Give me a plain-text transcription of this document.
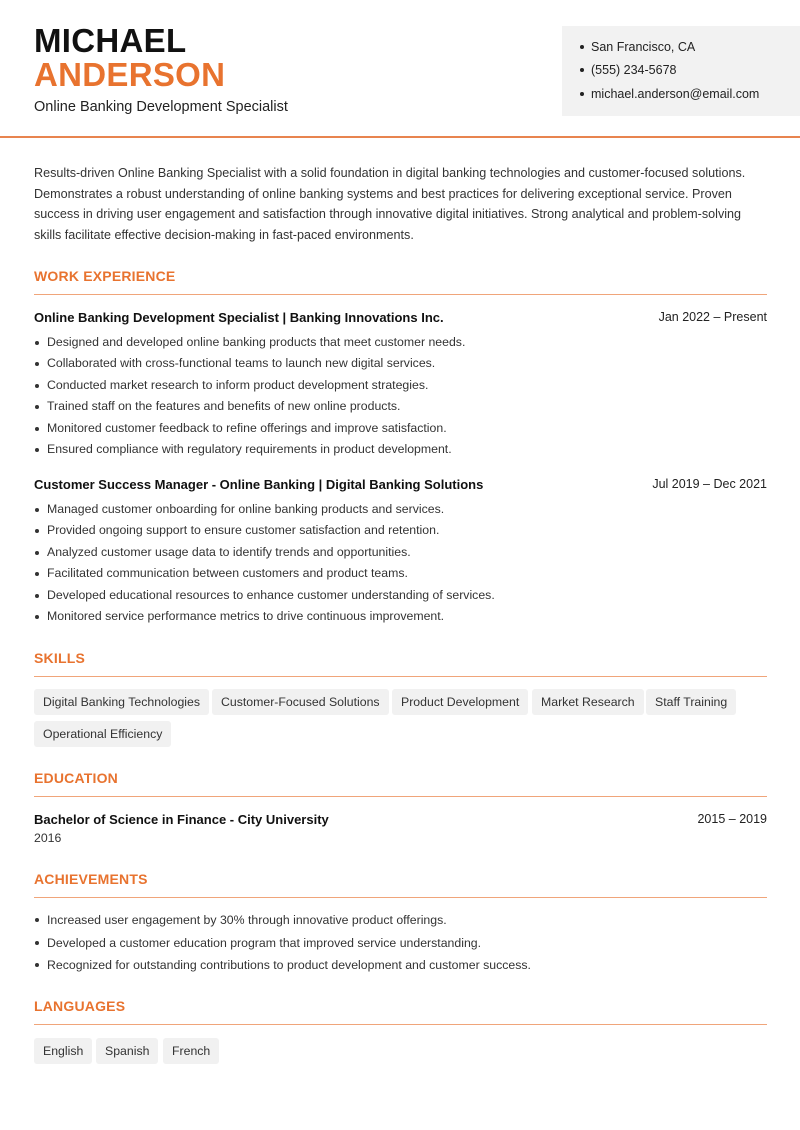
MICHAEL
ANDERSON
Online Banking Development Specialist
San Francisco, CA
(555) 234-5678
michael.anderson@email.com
Results-driven Online Banking Specialist with a solid foundation in digital banking technologies and customer-focused solutions. Demonstrates a robust understanding of online banking systems and best practices for delivering exceptional service. Proven success in driving user engagement and satisfaction through innovative digital initiatives. Strong analytical and problem-solving skills facilitate effective decision-making in fast-paced environments.
WORK EXPERIENCE
Online Banking Development Specialist | Banking Innovations Inc.	Jan 2022 – Present
Designed and developed online banking products that meet customer needs.
Collaborated with cross-functional teams to launch new digital services.
Conducted market research to inform product development strategies.
Trained staff on the features and benefits of new online products.
Monitored customer feedback to refine offerings and improve satisfaction.
Ensured compliance with regulatory requirements in product development.
Customer Success Manager - Online Banking | Digital Banking Solutions	Jul 2019 – Dec 2021
Managed customer onboarding for online banking products and services.
Provided ongoing support to ensure customer satisfaction and retention.
Analyzed customer usage data to identify trends and opportunities.
Facilitated communication between customers and product teams.
Developed educational resources to enhance customer understanding of services.
Monitored service performance metrics to drive continuous improvement.
SKILLS
Digital Banking Technologies	Customer-Focused Solutions	Product Development	Market Research	Staff Training
Operational Efficiency
EDUCATION
Bachelor of Science in Finance - City University	2015 – 2019
2016
ACHIEVEMENTS
Increased user engagement by 30% through innovative product offerings.
Developed a customer education program that improved service understanding.
Recognized for outstanding contributions to product development and customer success.
LANGUAGES
English	Spanish	French
